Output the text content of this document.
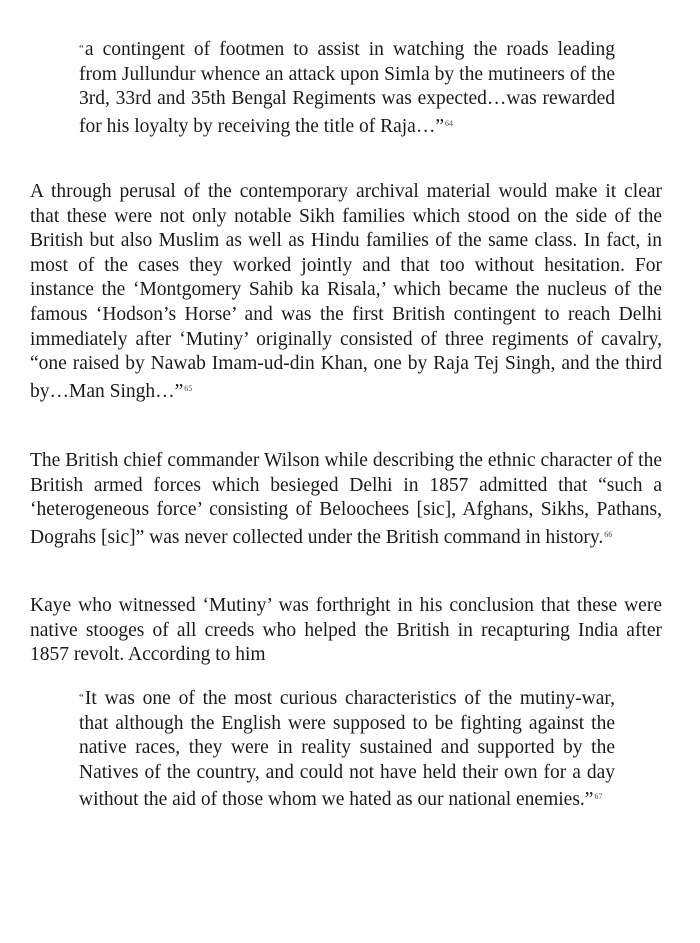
“a contingent of footmen to assist in watching the roads leading from Jullundur whence an attack upon Simla by the mutineers of the 3rd, 33rd and 35th Bengal Regiments was expected…was rewarded for his loyalty by receiving the title of Raja…”$^{64}$
A through perusal of the contemporary archival material would make it clear that these were not only notable Sikh families which stood on the side of the British but also Muslim as well as Hindu families of the same class. In fact, in most of the cases they worked jointly and that too without hesitation. For instance the ‘Montgomery Sahib ka Risala,’ which became the nucleus of the famous ‘Hodson’s Horse’ and was the first British contingent to reach Delhi immediately after ‘Mutiny’ originally consisted of three regiments of cavalry, “one raised by Nawab Imam-ud-din Khan, one by Raja Tej Singh, and the third by…Man Singh…”$^{65}$
The British chief commander Wilson while describing the ethnic character of the British armed forces which besieged Delhi in 1857 admitted that “such a ‘heterogeneous force’ consisting of Beloochees [sic], Afghans, Sikhs, Pathans, Dograhs [sic]” was never collected under the British command in history.$^{66}$
Kaye who witnessed ‘Mutiny’ was forthright in his conclusion that these were native stooges of all creeds who helped the British in recapturing India after 1857 revolt. According to him
“It was one of the most curious characteristics of the mutiny-war, that although the English were supposed to be fighting against the native races, they were in reality sustained and supported by the Natives of the country, and could not have held their own for a day without the aid of those whom we hated as our national enemies.”$^{67}$
